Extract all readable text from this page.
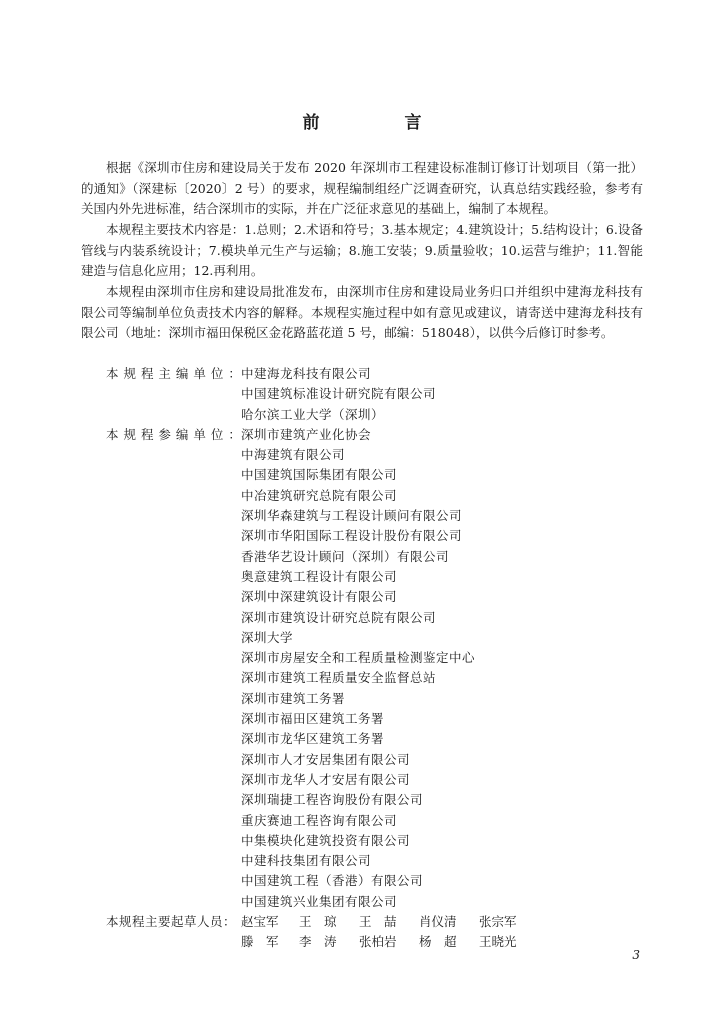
前　言

根据《深圳市住房和建设局关于发布 2020 年深圳市工程建设标准制订修订计划项目（第一批）的通知》（深建标〔2020〕2 号）的要求，规程编制组经广泛调查研究，认真总结实践经验，参考有关国内外先进标准，结合深圳市的实际，并在广泛征求意见的基础上，编制了本规程。

本规程主要技术内容是：1.总则；2.术语和符号；3.基本规定；4.建筑设计；5.结构设计；6.设备管线与内装系统设计；7.模块单元生产与运输；8.施工安装；9.质量验收；10.运营与维护；11.智能建造与信息化应用；12.再利用。

本规程由深圳市住房和建设局批准发布，由深圳市住房和建设局业务归口并组织中建海龙科技有限公司等编制单位负责技术内容的解释。本规程实施过程中如有意见或建议，请寄送中建海龙科技有限公司（地址：深圳市福田保税区金花路蓝花道 5 号，邮编：518048），以供今后修订时参考。

本 规 程 主 编 单 位 ： 中建海龙科技有限公司
中国建筑标准设计研究院有限公司
哈尔滨工业大学（深圳）
本 规 程 参 编 单 位 ： 深圳市建筑产业化协会
中海建筑有限公司
中国建筑国际集团有限公司
中冶建筑研究总院有限公司
深圳华森建筑与工程设计顾问有限公司
深圳市华阳国际工程设计股份有限公司
香港华艺设计顾问（深圳）有限公司
奥意建筑工程设计有限公司
深圳中深建筑设计有限公司
深圳市建筑设计研究总院有限公司
深圳大学
深圳市房屋安全和工程质量检测鉴定中心
深圳市建筑工程质量安全监督总站
深圳市建筑工务署
深圳市福田区建筑工务署
深圳市龙华区建筑工务署
深圳市人才安居集团有限公司
深圳市龙华人才安居有限公司
深圳瑞捷工程咨询股份有限公司
重庆赛迪工程咨询有限公司
中集模块化建筑投资有限公司
中建科技集团有限公司
中国建筑工程（香港）有限公司
中国建筑兴业集团有限公司
本规程主要起草人员： 赵宝军	王　琼	王　喆	肖仪清	张宗军
滕　军	李　涛	张柏岩	杨　超	王晓光
3
